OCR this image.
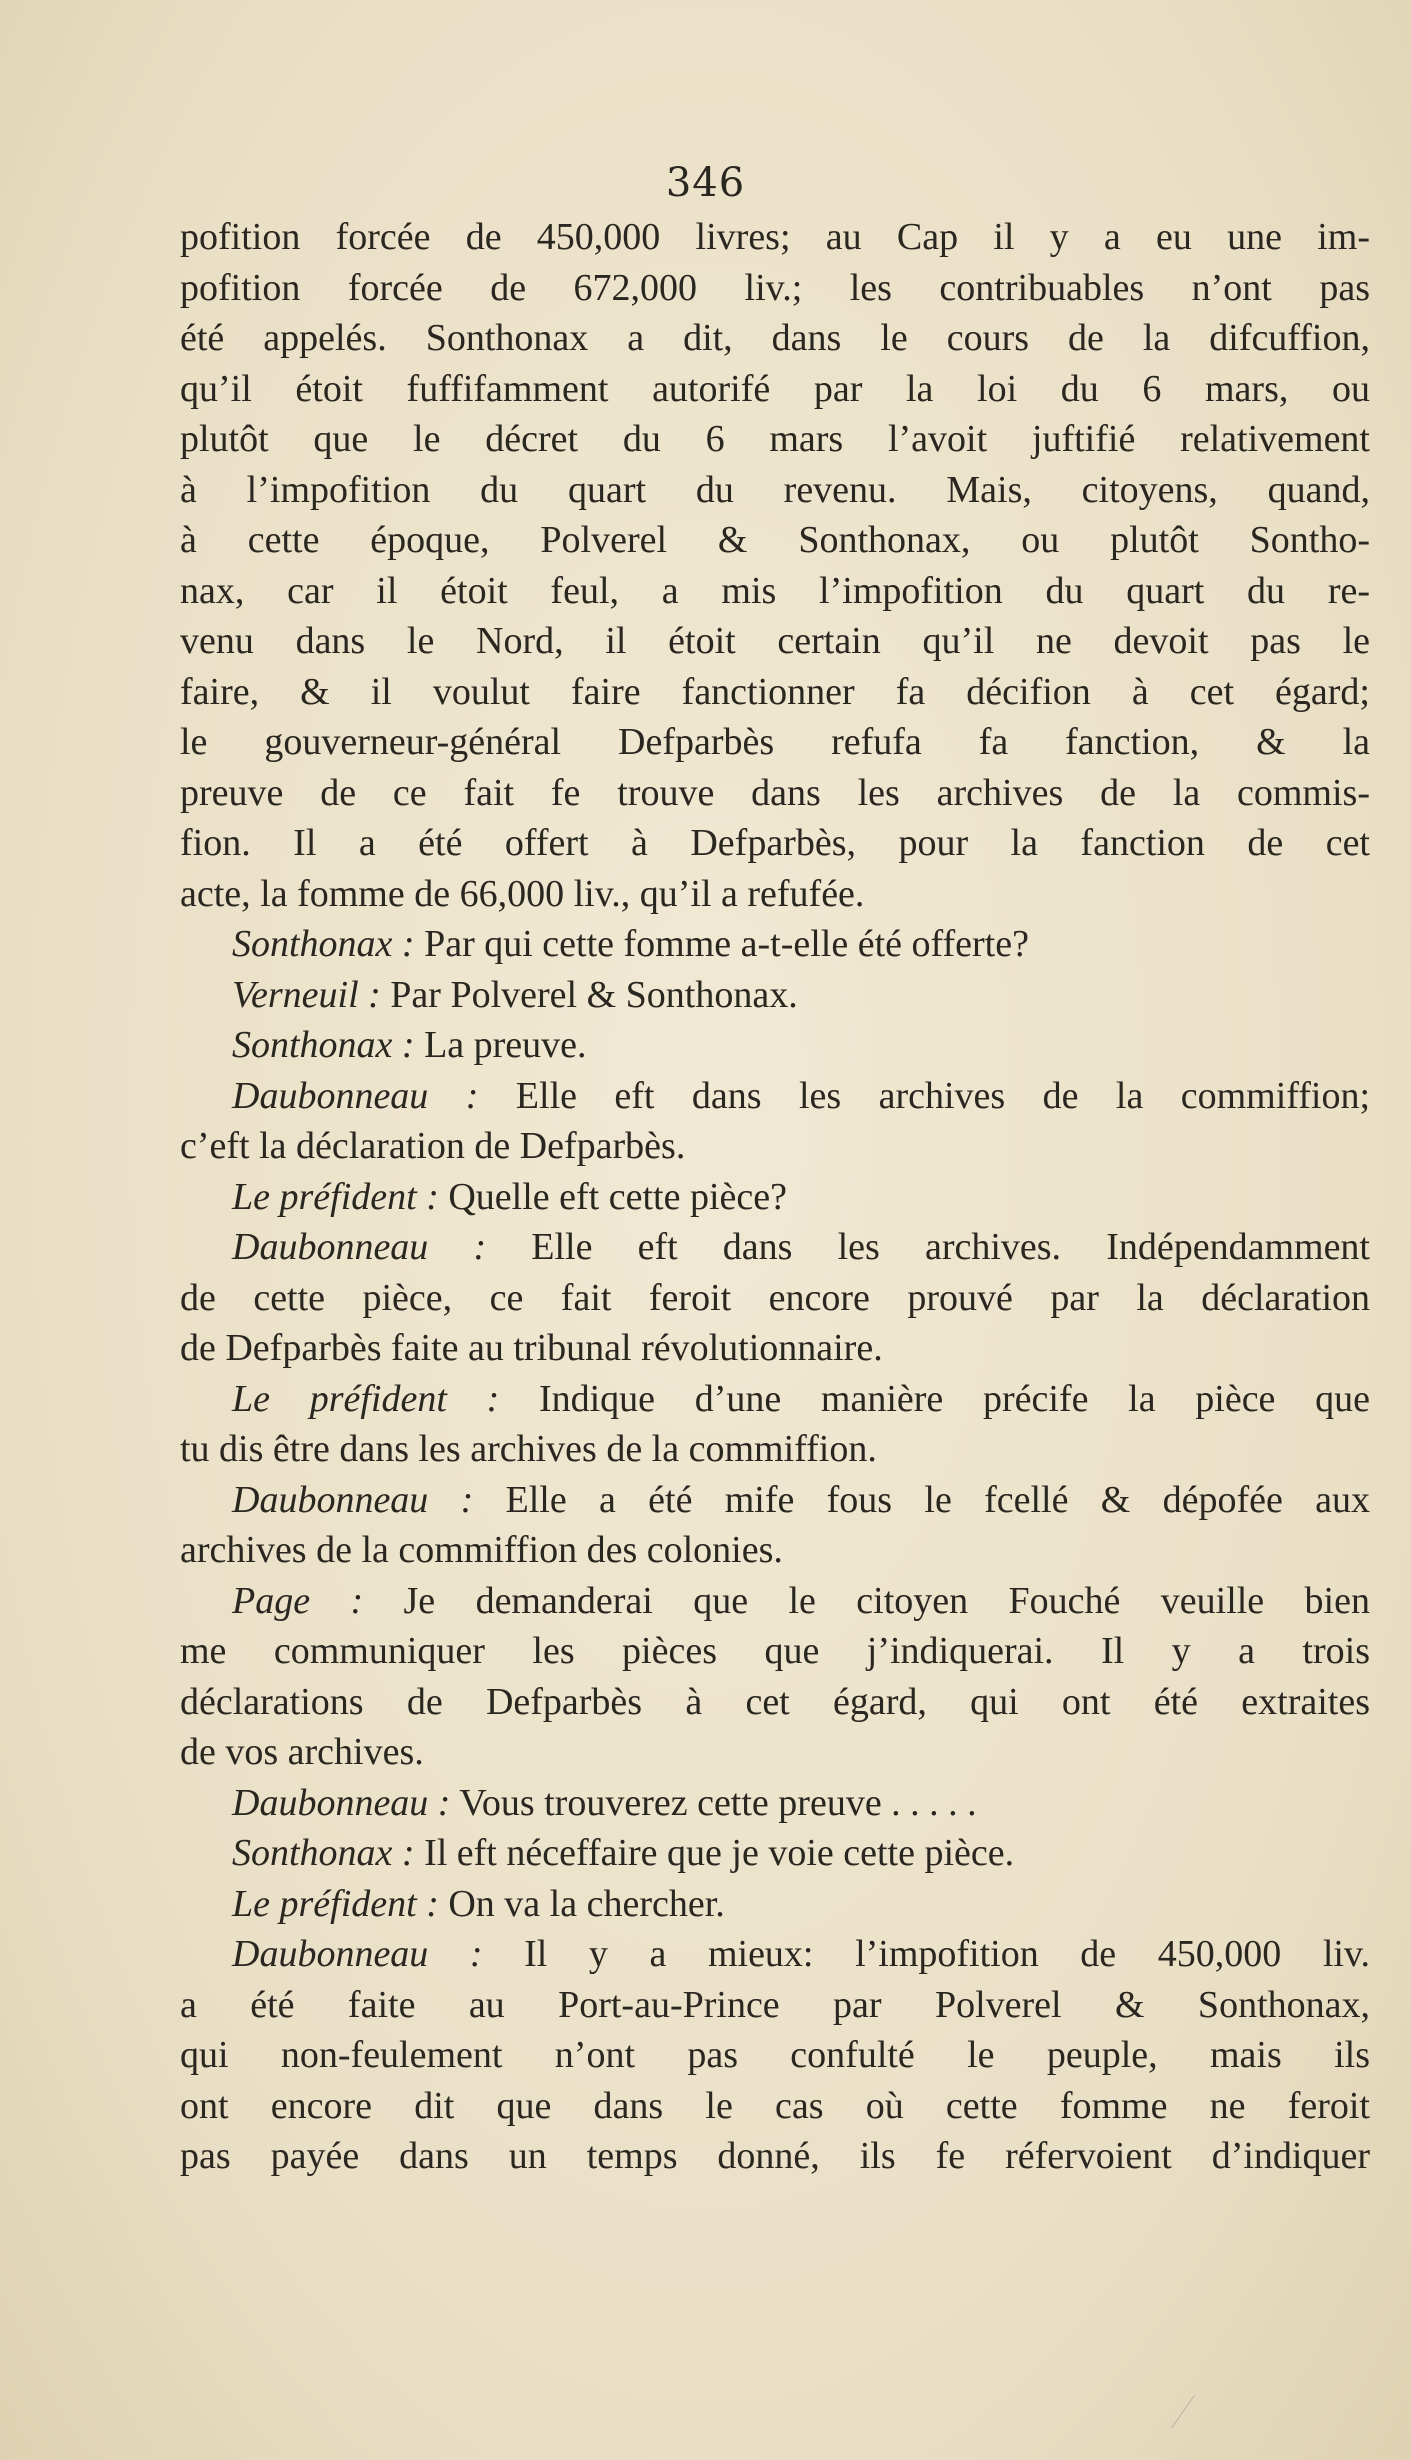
346
pofition forcée de 450,000 livres; au Cap il y a eu une im-
pofition forcée de 672,000 liv.; les contribuables n’ont pas
été appelés. Sonthonax a dit, dans le cours de la difcuffion,
qu’il étoit fuffifamment autorifé par la loi du 6 mars, ou
plutôt que le décret du 6 mars l’avoit juftifié relativement
à l’impofition du quart du revenu. Mais, citoyens, quand,
à cette époque, Polverel & Sonthonax, ou plutôt Sontho-
nax, car il étoit feul, a mis l’impofition du quart du re-
venu dans le Nord, il étoit certain qu’il ne devoit pas le
faire, & il voulut faire fanctionner fa décifion à cet égard;
le gouverneur-général Defparbès refufa fa fanction, & la
preuve de ce fait fe trouve dans les archives de la commis-
fion. Il a été offert à Defparbès, pour la fanction de cet
acte, la fomme de 66,000 liv., qu’il a refufée.
Sonthonax : Par qui cette fomme a-t-elle été offerte?
Verneuil : Par Polverel & Sonthonax.
Sonthonax : La preuve.
Daubonneau : Elle eft dans les archives de la commiffion;
c’eft la déclaration de Defparbès.
Le préfident : Quelle eft cette pièce?
Daubonneau : Elle eft dans les archives. Indépendamment
de cette pièce, ce fait feroit encore prouvé par la déclaration
de Defparbès faite au tribunal révolutionnaire.
Le préfident : Indique d’une manière précife la pièce que
tu dis être dans les archives de la commiffion.
Daubonneau : Elle a été mife fous le fcellé & dépofée aux
archives de la commiffion des colonies.
Page : Je demanderai que le citoyen Fouché veuille bien
me communiquer les pièces que j’indiquerai. Il y a trois
déclarations de Defparbès à cet égard, qui ont été extraites
de vos archives.
Daubonneau : Vous trouverez cette preuve . . . . .
Sonthonax : Il eft néceffaire que je voie cette pièce.
Le préfident : On va la chercher.
Daubonneau : Il y a mieux: l’impofition de 450,000 liv.
a été faite au Port-au-Prince par Polverel & Sonthonax,
qui non-feulement n’ont pas confulté le peuple, mais ils
ont encore dit que dans le cas où cette fomme ne feroit
pas payée dans un temps donné, ils fe réfervoient d’indiquer
